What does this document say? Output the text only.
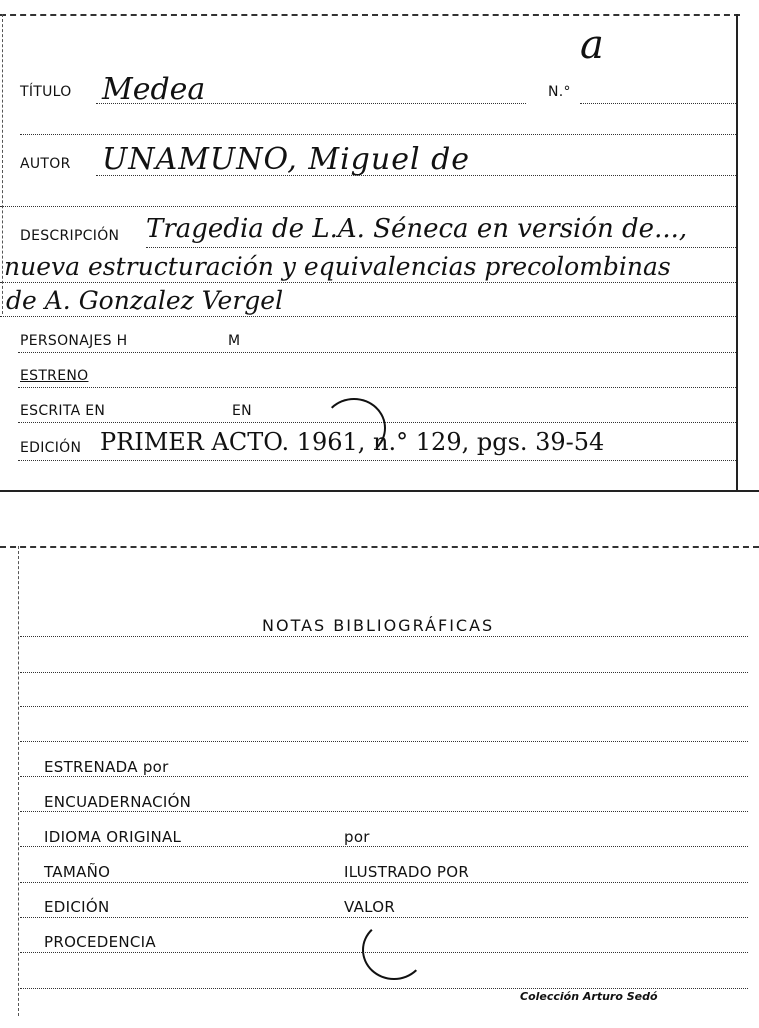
a
TÍTULO Medea	N.°
AUTOR UNAMUNO, Miguel de
DESCRIPCIÓN Tragedia de L.A. Séneca en versión de...,
nueva estructuración y equivalencias precolombinas
de A. Gonzalez Vergel
PERSONAJES H	M
ESTRENO
ESCRITA EN	EN
EDICIÓN PRIMER ACTO. 1961, n.° 129, pgs. 39-54
NOTAS BIBLIOGRÁFICAS
ESTRENADA por
ENCUADERNACIÓN
IDIOMA ORIGINAL	por
TAMAÑO	ILUSTRADO POR
EDICIÓN	VALOR
PROCEDENCIA
Colección Arturo Sedó
